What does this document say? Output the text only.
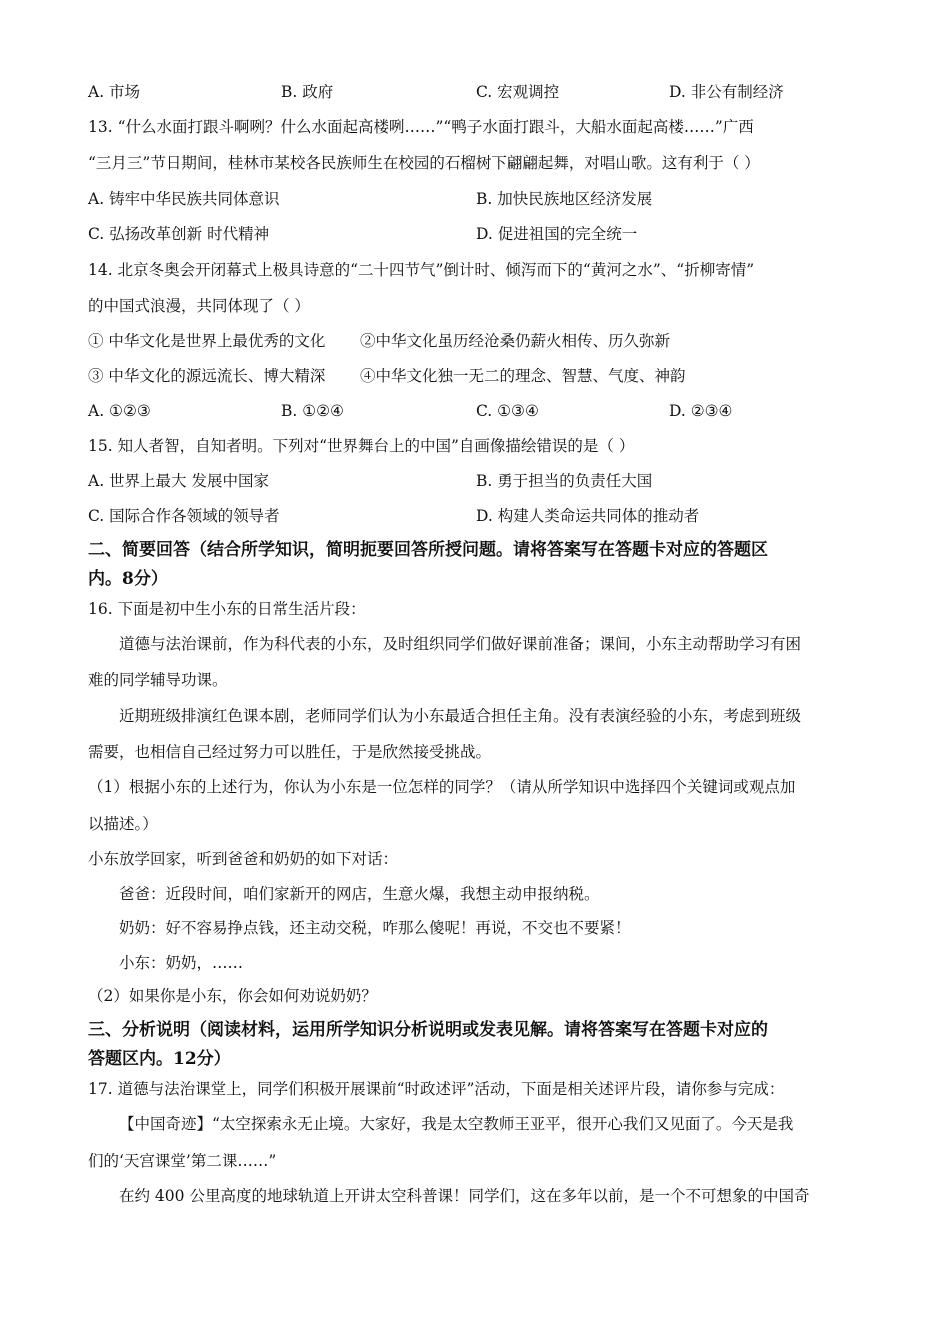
A. 市场	B. 政府	C. 宏观调控	D. 非公有制经济
13. “什么水面打跟斗啊咧？什么水面起高楼咧……”“鸭子水面打跟斗，大船水面起高楼……”广西
“三月三”节日期间，桂林市某校各民族师生在校园的石榴树下翩翩起舞，对唱山歌。这有利于（ ）
A. 铸牢中华民族共同体意识	B. 加快民族地区经济发展
C. 弘扬改革创新 时代精神	D. 促进祖国的完全统一
14. 北京冬奥会开闭幕式上极具诗意的“二十四节气”倒计时、倾泻而下的“黄河之水”、“折柳寄情”
的中国式浪漫，共同体现了（ ）
① 中华文化是世界上最优秀的文化 ②中华文化虽历经沧桑仍薪火相传、历久弥新
③ 中华文化的源远流长、博大精深 ④中华文化独一无二的理念、智慧、气度、神韵
A. ①②③	B. ①②④	C. ①③④	D. ②③④
15. 知人者智，自知者明。下列对“世界舞台上的中国”自画像描绘错误的是（ ）
A. 世界上最大 发展中国家	B. 勇于担当的负责任大国
C. 国际合作各领域的领导者	D. 构建人类命运共同体的推动者
二、简要回答（结合所学知识，简明扼要回答所授问题。请将答案写在答题卡对应的答题区
内。8分）
16. 下面是初中生小东的日常生活片段：
道德与法治课前，作为科代表的小东，及时组织同学们做好课前准备；课间，小东主动帮助学习有困
难的同学辅导功课。
近期班级排演红色课本剧，老师同学们认为小东最适合担任主角。没有表演经验的小东，考虑到班级
需要，也相信自己经过努力可以胜任，于是欣然接受挑战。
（1）根据小东的上述行为，你认为小东是一位怎样的同学？（请从所学知识中选择四个关键词或观点加
以描述。）
小东放学回家，听到爸爸和奶奶的如下对话：
爸爸：近段时间，咱们家新开的网店，生意火爆，我想主动申报纳税。
奶奶：好不容易挣点钱，还主动交税，咋那么傻呢！再说，不交也不要紧！
小东：奶奶，……
（2）如果你是小东，你会如何劝说奶奶？
三、分析说明（阅读材料，运用所学知识分析说明或发表见解。请将答案写在答题卡对应的
答题区内。12分）
17. 道德与法治课堂上，同学们积极开展课前“时政述评”活动，下面是相关述评片段，请你参与完成：
【中国奇迹】“太空探索永无止境。大家好，我是太空教师王亚平，很开心我们又见面了。今天是我
们的‘天宫课堂’第二课……”
在约 400 公里高度的地球轨道上开讲太空科普课！同学们，这在多年以前，是一个不可想象的中国奇
